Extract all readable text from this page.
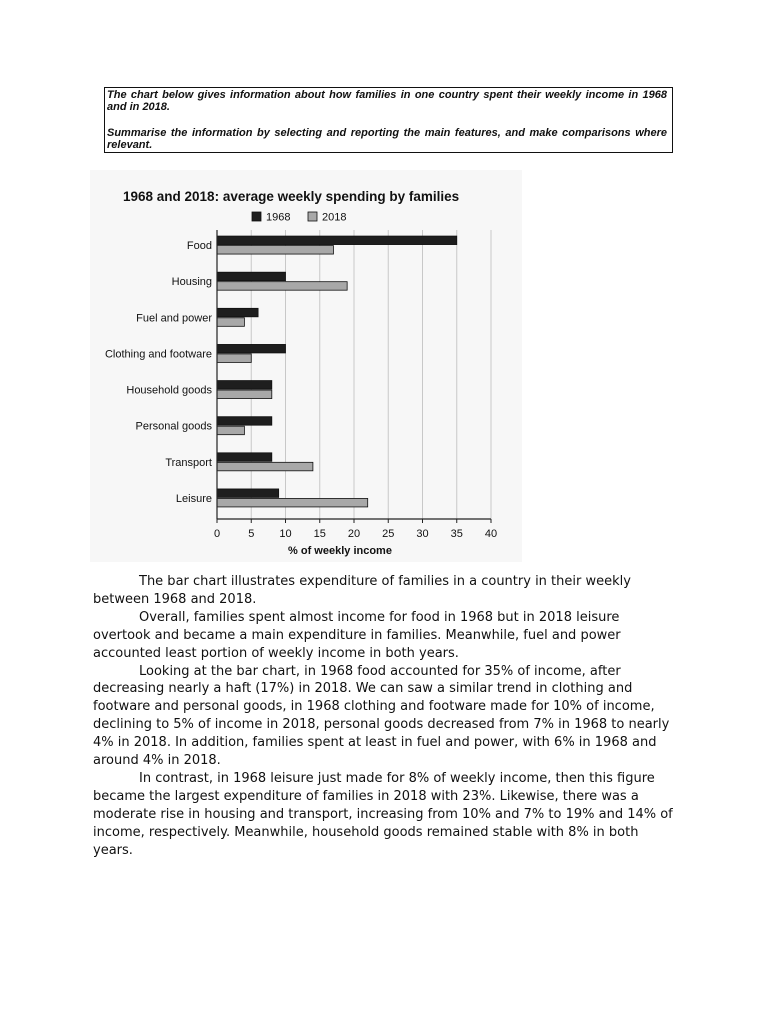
The chart below gives information about how families in one country spent their weekly income in 1968 and in 2018.

Summarise the information by selecting and reporting the main features, and make comparisons where relevant.

1968 and 2018: average weekly spending by families
1968	2018
Food
Housing
Fuel and power
Clothing and footware
Household goods
Personal goods
Transport
Leisure
0	5 10 15 20 25 30 35 40
% of weekly income

The bar chart illustrates expenditure of families in a country in their weekly between 1968 and 2018.

Overall, families spent almost income for food in 1968 but in 2018 leisure overtook and became a main expenditure in families. Meanwhile, fuel and power accounted least portion of weekly income in both years.

Looking at the bar chart, in 1968 food accounted for 35% of income, after decreasing nearly a haft (17%) in 2018. We can saw a similar trend in clothing and footware and personal goods, in 1968 clothing and footware made for 10% of income, declining to 5% of income in 2018, personal goods decreased from 7% in 1968 to nearly 4% in 2018. In addition, families spent at least in fuel and power, with 6% in 1968 and around 4% in 2018.

In contrast, in 1968 leisure just made for 8% of weekly income, then this figure became the largest expenditure of families in 2018 with 23%. Likewise, there was a moderate rise in housing and transport, increasing from 10% and 7% to 19% and 14% of income, respectively. Meanwhile, household goods remained stable with 8% in both years.
